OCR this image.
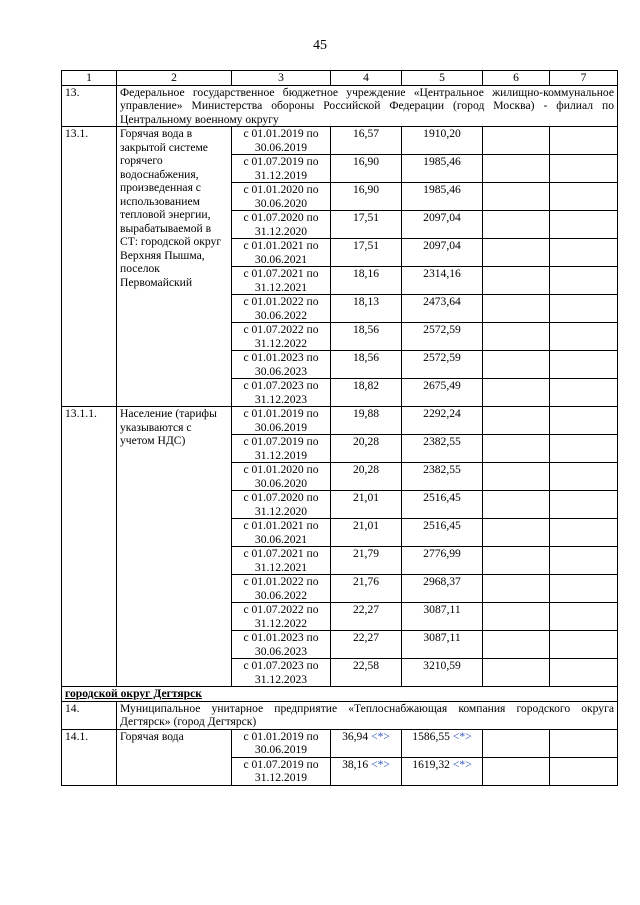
45
1	2	3	4	5	6	7
13.	Федеральное государственное бюджетное учреждение «Центральное жилищно-коммунальное управление» Министерства обороны Российской Федерации (город Москва) - филиал по Центральному военному округу					
13.1.	Горячая вода в закрытой системе горячего водоснабжения, произведенная с использованием тепловой энергии, вырабатываемой в СТ: городской округ Верхняя Пышма, поселок Первомайский	с 01.01.2019 по 30.06.2019	16,57	1910,20		
		с 01.07.2019 по 31.12.2019	16,90	1985,46		
		с 01.01.2020 по 30.06.2020	16,90	1985,46		
		с 01.07.2020 по 31.12.2020	17,51	2097,04		
		с 01.01.2021 по 30.06.2021	17,51	2097,04		
		с 01.07.2021 по 31.12.2021	18,16	2314,16		
		с 01.01.2022 по 30.06.2022	18,13	2473,64		
		с 01.07.2022 по 31.12.2022	18,56	2572,59		
		с 01.01.2023 по 30.06.2023	18,56	2572,59		
		с 01.07.2023 по 31.12.2023	18,82	2675,49		
13.1.1.	Население (тарифы указываются с учетом НДС)	с 01.01.2019 по 30.06.2019	19,88	2292,24		
		с 01.07.2019 по 31.12.2019	20,28	2382,55		
		с 01.01.2020 по 30.06.2020	20,28	2382,55		
		с 01.07.2020 по 31.12.2020	21,01	2516,45		
		с 01.01.2021 по 30.06.2021	21,01	2516,45		
		с 01.07.2021 по 31.12.2021	21,79	2776,99		
		с 01.01.2022 по 30.06.2022	21,76	2968,37		
		с 01.07.2022 по 31.12.2022	22,27	3087,11		
		с 01.01.2023 по 30.06.2023	22,27	3087,11		
		с 01.07.2023 по 31.12.2023	22,58	3210,59		
городской округ Дегтярск						
14.	Муниципальное унитарное предприятие «Теплоснабжающая компания городского округа Дегтярск» (город Дегтярск)					
14.1.	Горячая вода	с 01.01.2019 по 30.06.2019	36,94 <*>	1586,55 <*>		
		с 01.07.2019 по 31.12.2019	38,16 <*>	1619,32 <*>		
